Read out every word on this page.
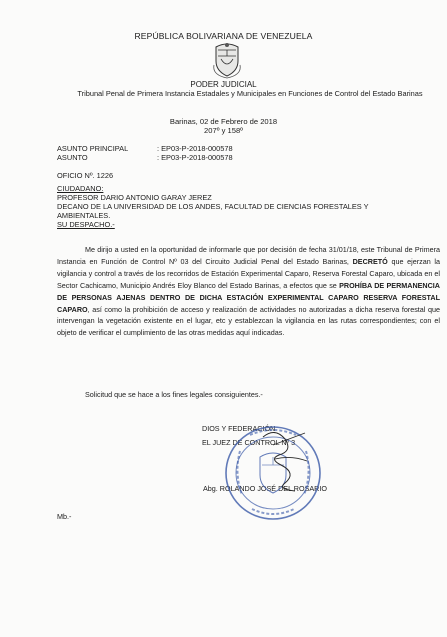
REPÚBLICA BOLIVARIANA DE VENEZUELA
PODER JUDICIAL
Tribunal Penal de Primera Instancia Estadales y Municipales en Funciones de Control del Estado Barinas
Barinas, 02 de Febrero de 2018
207º y 158º
ASUNTO PRINCIPAL	: EP03-P-2018-000578
ASUNTO	: EP03-P-2018-000578
OFICIO Nº. 1226
CIUDADANO:
PROFESOR DARIO ANTONIO GARAY JEREZ
DECANO DE LA UNIVERSIDAD DE LOS ANDES, FACULTAD DE CIENCIAS FORESTALES Y
AMBIENTALES.
SU DESPACHO.-

Me dirijo a usted en la oportunidad de informarle que por decisión de fecha 31/01/18, este Tribunal de Primera Instancia en Función de Control Nº 03 del Circuito Judicial Penal del Estado Barinas, DECRETÓ que ejerzan la vigilancia y control a través de los recorridos de Estación Experimental Caparo, Reserva Forestal Caparo, ubicada en el Sector Cachicamo, Municipio Andrés Eloy Blanco del Estado Barinas, a efectos que se PROHÍBA DE PERMANENCIA DE PERSONAS AJENAS DENTRO DE DICHA ESTACIÓN EXPERIMENTAL CAPARO RESERVA FORESTAL CAPARO, así como la prohibición de acceso y realización de actividades no autorizadas a dicha reserva forestal que intervengan la vegetación existente en el lugar, etc y establezcan la vigilancia en las rutas correspondientes; con el objeto de verificar el cumplimiento de las otras medidas aquí indicadas.

Solicitud que se hace a los fines legales consiguientes.-
DIOS Y FEDERACIÓN
EL JUEZ DE CONTROL Nº 3
Abg. ROLANDO JOSÉ DEL ROSARIO
Mb.-
